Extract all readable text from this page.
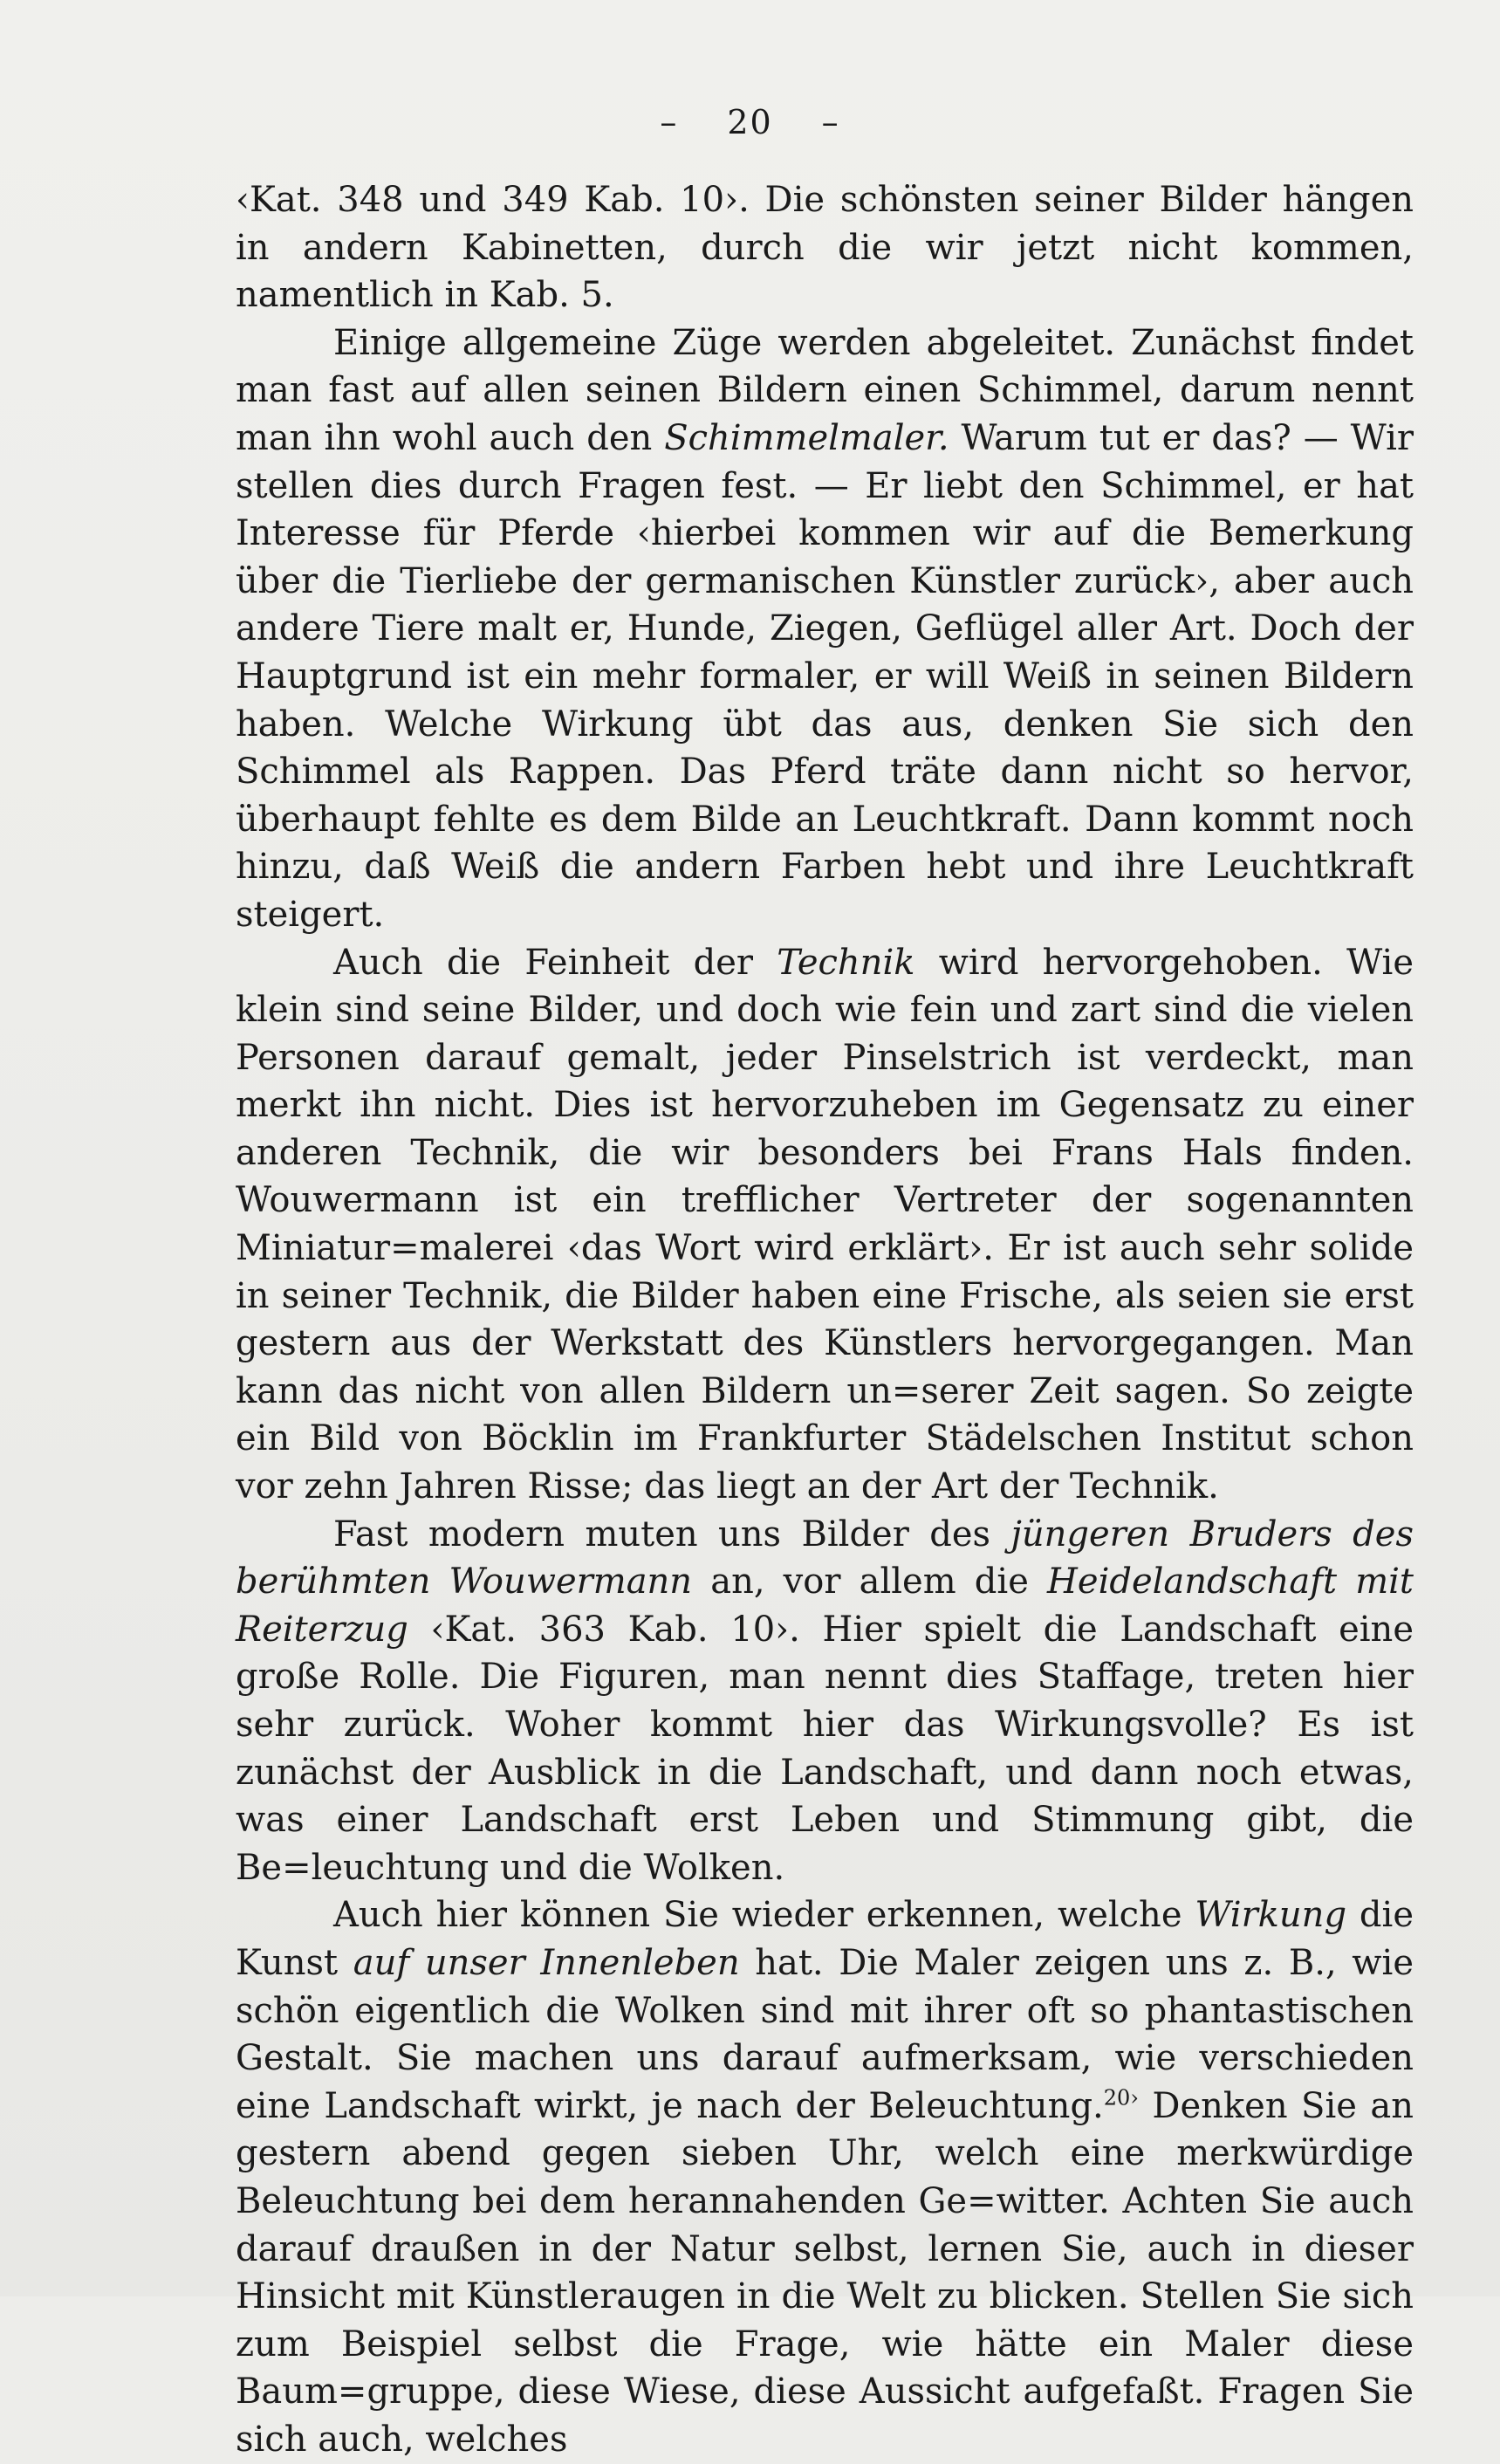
– 20 –

‹Kat. 348 und 349 Kab. 10›. Die schönsten seiner Bilder hängen in andern Kabinetten, durch die wir jetzt nicht kommen, namentlich in Kab. 5.

Einige allgemeine Züge werden abgeleitet. Zunächst findet man fast auf allen seinen Bildern einen Schimmel, darum nennt man ihn wohl auch den Schimmelmaler. Warum tut er das? — Wir stellen dies durch Fragen fest. — Er liebt den Schimmel, er hat Interesse für Pferde ‹hierbei kommen wir auf die Bemerkung über die Tierliebe der germanischen Künstler zurück›, aber auch andere Tiere malt er, Hunde, Ziegen, Geflügel aller Art. Doch der Hauptgrund ist ein mehr formaler, er will Weiß in seinen Bildern haben. Welche Wirkung übt das aus, denken Sie sich den Schimmel als Rappen. Das Pferd träte dann nicht so hervor, überhaupt fehlte es dem Bilde an Leuchtkraft. Dann kommt noch hinzu, daß Weiß die andern Farben hebt und ihre Leuchtkraft steigert.

Auch die Feinheit der Technik wird hervorgehoben. Wie klein sind seine Bilder, und doch wie fein und zart sind die vielen Personen darauf gemalt, jeder Pinselstrich ist verdeckt, man merkt ihn nicht. Dies ist hervorzuheben im Gegensatz zu einer anderen Technik, die wir besonders bei Frans Hals finden. Wouwermann ist ein trefflicher Vertreter der sogenannten Miniatur=malerei ‹das Wort wird erklärt›. Er ist auch sehr solide in seiner Technik, die Bilder haben eine Frische, als seien sie erst gestern aus der Werkstatt des Künstlers hervorgegangen. Man kann das nicht von allen Bildern un=serer Zeit sagen. So zeigte ein Bild von Böcklin im Frankfurter Städelschen Institut schon vor zehn Jahren Risse; das liegt an der Art der Technik.

Fast modern muten uns Bilder des jüngeren Bruders des berühmten Wouwermann an, vor allem die Heidelandschaft mit Reiterzug ‹Kat. 363 Kab. 10›. Hier spielt die Landschaft eine große Rolle. Die Figuren, man nennt dies Staffage, treten hier sehr zurück. Woher kommt hier das Wirkungsvolle? Es ist zunächst der Ausblick in die Landschaft, und dann noch etwas, was einer Landschaft erst Leben und Stimmung gibt, die Be=leuchtung und die Wolken.

Auch hier können Sie wieder erkennen, welche Wirkung die Kunst auf unser Innenleben hat. Die Maler zeigen uns z. B., wie schön eigentlich die Wolken sind mit ihrer oft so phantastischen Gestalt. Sie machen uns darauf aufmerksam, wie verschieden eine Landschaft wirkt, je nach der Beleuchtung.$^{20›}$ Denken Sie an gestern abend gegen sieben Uhr, welch eine merkwürdige Beleuchtung bei dem herannahenden Ge=witter. Achten Sie auch darauf draußen in der Natur selbst, lernen Sie, auch in dieser Hinsicht mit Künstleraugen in die Welt zu blicken. Stellen Sie sich zum Beispiel selbst die Frage, wie hätte ein Maler diese Baum=gruppe, diese Wiese, diese Aussicht aufgefaßt. Fragen Sie sich auch, welches
